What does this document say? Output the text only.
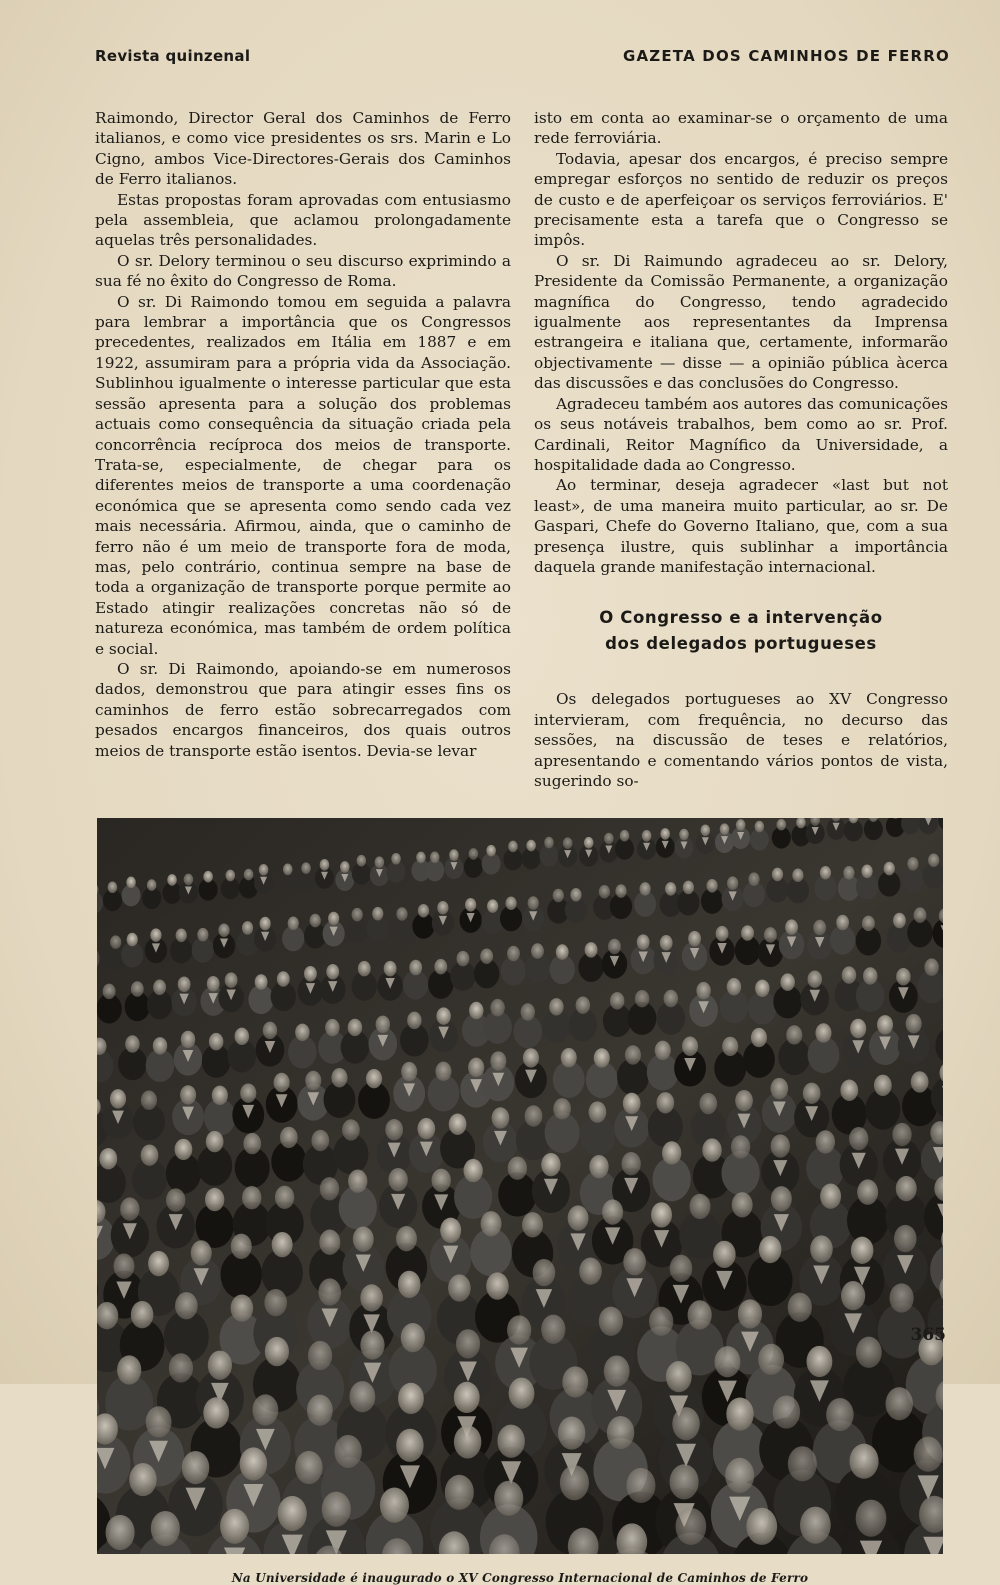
Revista quinzenal	GAZETA DOS CAMINHOS DE FERRO

Raimondo, Director Geral dos Caminhos de Ferro italianos, e como vice presidentes os srs. Marin e Lo Cigno, ambos Vice-Directores-Gerais dos Caminhos de Ferro italianos.

Estas propostas foram aprovadas com entusiasmo pela assembleia, que aclamou prolongadamente aquelas três personalidades.

O sr. Delory terminou o seu discurso exprimindo a sua fé no êxito do Congresso de Roma.

O sr. Di Raimondo tomou em seguida a palavra para lembrar a importância que os Congressos precedentes, realizados em Itália em 1887 e em 1922, assumiram para a própria vida da Associação. Sublinhou igualmente o interesse particular que esta sessão apresenta para a solução dos problemas actuais como consequência da situação criada pela concorrência recíproca dos meios de transporte. Trata-se, especialmente, de chegar para os diferentes meios de transporte a uma coordenação económica que se apresenta como sendo cada vez mais necessária. Afirmou, ainda, que o caminho de ferro não é um meio de transporte fora de moda, mas, pelo contrário, continua sempre na base de toda a organização de transporte porque permite ao Estado atingir realizações concretas não só de natureza económica, mas também de ordem política e social.

O sr. Di Raimondo, apoiando-se em numerosos dados, demonstrou que para atingir esses fins os caminhos de ferro estão sobrecarregados com pesados encargos financeiros, dos quais outros meios de transporte estão isentos. Devia-se levar

isto em conta ao examinar-se o orçamento de uma rede ferroviária.

Todavia, apesar dos encargos, é preciso sempre empregar esforços no sentido de reduzir os preços de custo e de aperfeiçoar os serviços ferroviários. E' precisamente esta a tarefa que o Congresso se impôs.

O sr. Di Raimundo agradeceu ao sr. Delory, Presidente da Comissão Permanente, a organização magnífica do Congresso, tendo agradecido igualmente aos representantes da Imprensa estrangeira e italiana que, certamente, informarão objectivamente — disse — a opinião pública àcerca das discussões e das conclusões do Congresso.

Agradeceu também aos autores das comunicações os seus notáveis trabalhos, bem como ao sr. Prof. Cardinali, Reitor Magnífico da Universidade, a hospitalidade dada ao Congresso.

Ao terminar, deseja agradecer «last but not least», de uma maneira muito particular, ao sr. De Gaspari, Chefe do Governo Italiano, que, com a sua presença ilustre, quis sublinhar a importância daquela grande manifestação internacional.

O Congresso e a intervenção
dos delegados portugueses

Os delegados portugueses ao XV Congresso intervieram, com frequência, no decurso das sessões, na discussão de teses e relatórios, apresentando e comentando vários pontos de vista, sugerindo so-

Na Universidade é inaugurado o XV Congresso Internacional de Caminhos de Ferro
365
